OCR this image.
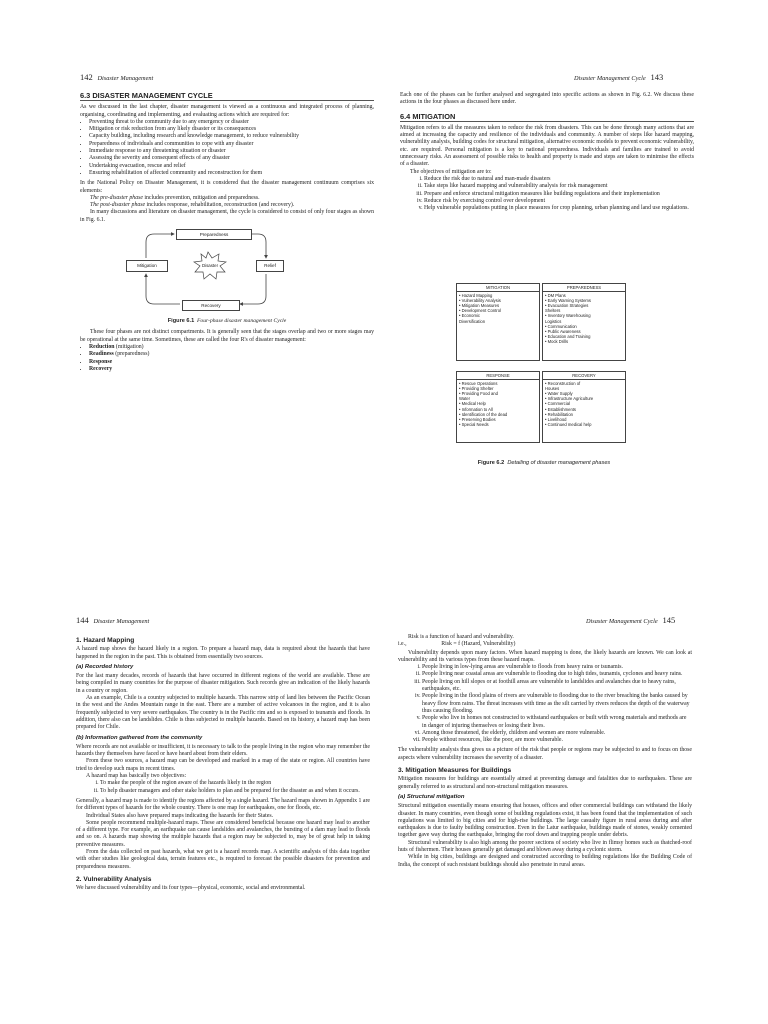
142 Disaster Management	Disaster Management Cycle 143
6.3 DISASTER MANAGEMENT CYCLE

As we discussed in the last chapter, disaster management is viewed as a continuous and integrated process of planning, organising, coordinating and implementing, and evaluating actions which are required for:

• Preventing threat to the community due to any emergency or disaster
• Mitigation or risk reduction from any likely disaster or its consequences
• Capacity building, including research and knowledge management, to reduce vulnerability
• Preparedness of individuals and communities to cope with any disaster
• Immediate response to any threatening situation or disaster
• Assessing the severity and consequent effects of any disaster
• Undertaking evacuation, rescue and relief
• Ensuring rehabilitation of affected community and reconstruction for them

In the National Policy on Disaster Management, it is considered that the disaster management continuum comprises six elements:

The pre-disaster phase includes prevention, mitigation and preparedness.

The post-disaster phase includes response, rehabilitation, reconstruction (and recovery).

In many discussions and literature on disaster management, the cycle is considered to consist of only four stages as shown in Fig. 6.1.

Preparedness
Mitigation	Disaster	Relief
Recovery
Figure 6.1 Four-phase disaster management Cycle

These four phases are not distinct compartments. It is generally seen that the stages overlap and two or more stages may be operational at the same time. Sometimes, these are called the four R's of disaster management:

• Reduction (mitigation)
• Readiness (preparedness)
• Response
• Recovery

Each one of the phases can be further analysed and segregated into specific actions as shown in Fig. 6.2. We discuss these actions in the four phases as discussed here under.

6.4 MITIGATION

Mitigation refers to all the measures taken to reduce the risk from disasters. This can be done through many actions that are aimed at increasing the capacity and resilience of the individuals and community. A number of steps like hazard mapping, vulnerability analysis, building codes for structural mitigation, alternative economic models to prevent economic vulnerability, etc. are required. Personal mitigation is a key to national preparedness. Individuals and families are trained to avoid unnecessary risks. An assessment of possible risks to health and property is made and steps are taken to minimise the effects of a disaster.

The objectives of mitigation are to:

i. Reduce the risk due to natural and man-made disasters
ii. Take steps like hazard mapping and vulnerability analysis for risk management
iii. Prepare and enforce structural mitigation measures like building regulations and their implementation
iv. Reduce risk by exercising control over development
v. Help vulnerable populations putting in place measures for crop planning, urban planning and land use regulations.
MITIGATION
• Hazard Mapping
• Vulnerability Analysis
• Mitigation Measures
• Development Control
• Economic
Diversification
PREPAREDNESS
• DM Plans
• Early Warning Systems
• Evacuation Strategies
Shelters
• Inventory Warehousing
Logistics
• Communication
• Public Awareness
• Education and Training
• Mock Drills
RESPONSE
• Rescue Operations
• Providing Shelter
• Providing Food and
Water
• Medical Help
• Information to All
• Identification of the dead
• Preserving Bodies
• Special Needs
RECOVERY
• Reconstruction of
Houses
• Water Supply
• Infrastructure Agriculture
• Commercial
• Establishments
• Rehabilitation
• Livelihood
• Continued medical help
Figure 6.2 Detailing of disaster management phases
144 Disaster Management	Disaster Management Cycle 145
1. Hazard Mapping

A hazard map shows the hazard likely in a region. To prepare a hazard map, data is required about the hazards that have happened in the region in the past. This is obtained from essentially two sources.

(a) Recorded history

For the last many decades, records of hazards that have occurred in different regions of the world are available. These are being compiled in many countries for the purpose of disaster mitigation. Such records give an indication of the likely hazards in a country or region.

As an example, Chile is a country subjected to multiple hazards. This narrow strip of land lies between the Pacific Ocean in the west and the Andes Mountain range in the east. There are a number of active volcanoes in the region, and it is also frequently subjected to very severe earthquakes. The country is in the Pacific rim and so is exposed to tsunamis and floods. In addition, there also can be landslides. Chile is thus subjected to multiple hazards. Based on its history, a hazard map has been prepared for Chile.

(b) Information gathered from the community

Where records are not available or insufficient, it is necessary to talk to the people living in the region who may remember the hazards they themselves have faced or have heard about from their elders.

From these two sources, a hazard map can be developed and marked in a map of the state or region. All countries have tried to develop such maps in recent times.

A hazard map has basically two objectives:

i. To make the people of the region aware of the hazards likely in the region
ii. To help disaster managers and other stake holders to plan and be prepared for the disaster as and when it occurs.

Generally, a hazard map is made to identify the regions affected by a single hazard. The hazard maps shown in Appendix 1 are for different types of hazards for the whole country. There is one map for earthquakes, one for floods, etc.

Individual States also have prepared maps indicating the hazards for their States.

Some people recommend multiple-hazard maps. These are considered beneficial because one hazard may lead to another of a different type. For example, an earthquake can cause landslides and avalanches, the bursting of a dam may lead to floods and so on. A hazards map showing the multiple hazards that a region may be subjected to, may be of great help in taking preventive measures.

From the data collected on past hazards, what we get is a hazard records map. A scientific analysis of this data together with other studies like geological data, terrain features etc., is required to forecast the possible disasters for prevention and preparedness measures.

2. Vulnerability Analysis

We have discussed vulnerability and its four types—physical, economic, social and environmental.

Risk is a function of hazard and vulnerability.

i.e.,                        Risk = f (Hazard, Vulnerability)

Vulnerability depends upon many factors. When hazard mapping is done, the likely hazards are known. We can look at vulnerability and its various types from these hazard maps.

i. People living in low-lying areas are vulnerable to floods from heavy rains or tsunamis.
ii. People living near coastal areas are vulnerable to flooding due to high tides, tsunamis, cyclones and heavy rains.
iii. People living on hill slopes or at foothill areas are vulnerable to landslides and avalanches due to heavy rains, earthquakes, etc.
iv. People living in the flood plains of rivers are vulnerable to flooding due to the river breaching the banks caused by heavy flow from rains. The threat increases with time as the silt carried by rivers reduces the depth of the waterway thus causing flooding.
v. People who live in homes not constructed to withstand earthquakes or built with wrong materials and methods are in danger of injuring themselves or losing their lives.
vi. Among those threatened, the elderly, children and women are more vulnerable.
vii. People without resources, like the poor, are more vulnerable.

The vulnerability analysis thus gives us a picture of the risk that people or regions may be subjected to and to focus on those aspects where vulnerability increases the severity of a disaster.

3. Mitigation Measures for Buildings

Mitigation measures for buildings are essentially aimed at preventing damage and fatalities due to earthquakes. These are generally referred to as structural and non-structural mitigation measures.

(a) Structural mitigation

Structural mitigation essentially means ensuring that houses, offices and other commercial buildings can withstand the likely disaster. In many countries, even though some of building regulations exist, it has been found that the implementation of such regulations was limited to big cities and for high-rise buildings. The large casualty figure in rural areas during and after earthquakes is due to faulty building construction. Even in the Latur earthquake, buildings made of stones, weakly cemented together gave way during the earthquake, bringing the roof down and trapping people under debris.

Structural vulnerability is also high among the poorer sections of society who live in flimsy homes such as thatched-roof huts of fishermen. Their houses generally get damaged and blown away during a cyclonic storm.

While in big cities, buildings are designed and constructed according to building regulations like the Building Code of India, the concept of such resistant buildings should also penetrate in rural areas.
